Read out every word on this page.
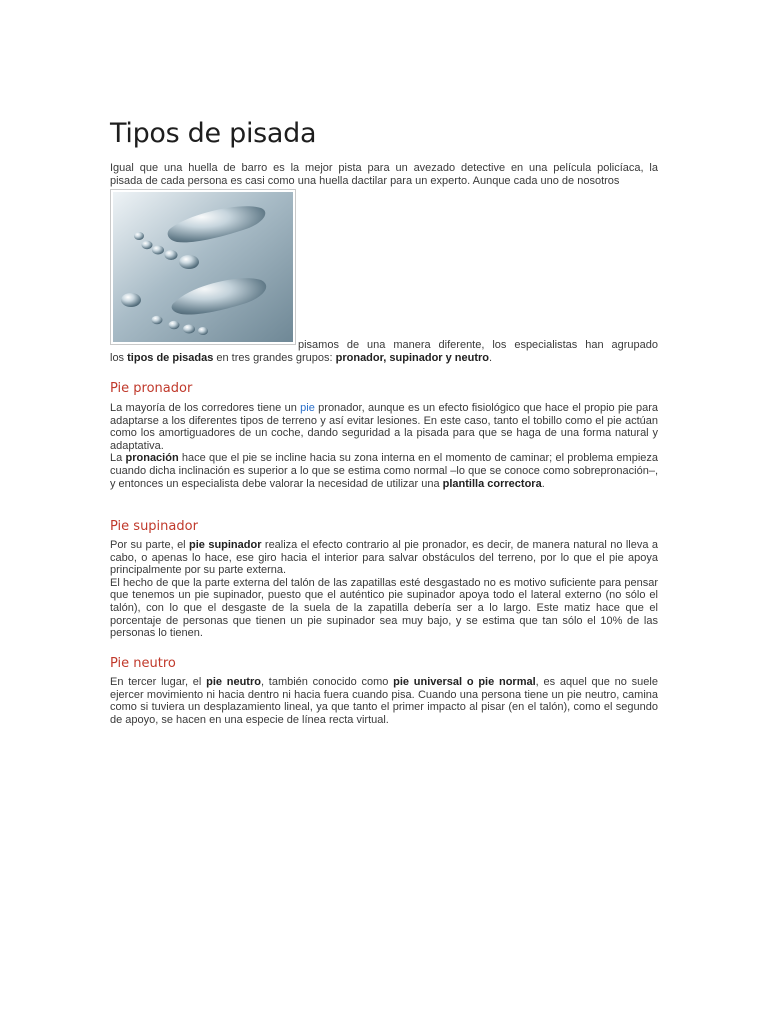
Tipos de pisada

Igual que una huella de barro es la mejor pista para un avezado detective en una película policíaca, la

pisada de cada persona es casi como una huella dactilar para un experto. Aunque cada uno de nosotros

pisamos de una manera diferente, los especialistas han agrupado

los tipos de pisadas en tres grandes grupos: pronador, supinador y neutro.

Pie pronador

La mayoría de los corredores tiene un pie pronador, aunque es un efecto fisiológico que hace el propio pie para adaptarse a los diferentes tipos de terreno y así evitar lesiones. En este caso, tanto el tobillo como el pie actúan como los amortiguadores de un coche, dando seguridad a la pisada para que se haga de una forma natural y adaptativa.

La pronación hace que el pie se incline hacia su zona interna en el momento de caminar; el problema empieza cuando dicha inclinación es superior a lo que se estima como normal –lo que se conoce como sobrepronación–, y entonces un especialista debe valorar la necesidad de utilizar una plantilla correctora.

Pie supinador

Por su parte, el pie supinador realiza el efecto contrario al pie pronador, es decir, de manera natural no lleva a cabo, o apenas lo hace, ese giro hacia el interior para salvar obstáculos del terreno, por lo que el pie apoya principalmente por su parte externa.

El hecho de que la parte externa del talón de las zapatillas esté desgastado no es motivo suficiente para pensar que tenemos un pie supinador, puesto que el auténtico pie supinador apoya todo el lateral externo (no sólo el talón), con lo que el desgaste de la suela de la zapatilla debería ser a lo largo. Este matiz hace que el porcentaje de personas que tienen un pie supinador sea muy bajo, y se estima que tan sólo el 10% de las personas lo tienen.

Pie neutro

En tercer lugar, el pie neutro, también conocido como pie universal o pie normal, es aquel que no suele ejercer movimiento ni hacia dentro ni hacia fuera cuando pisa. Cuando una persona tiene un pie neutro, camina como si tuviera un desplazamiento lineal, ya que tanto el primer impacto al pisar (en el talón), como el segundo de apoyo, se hacen en una especie de línea recta virtual.
